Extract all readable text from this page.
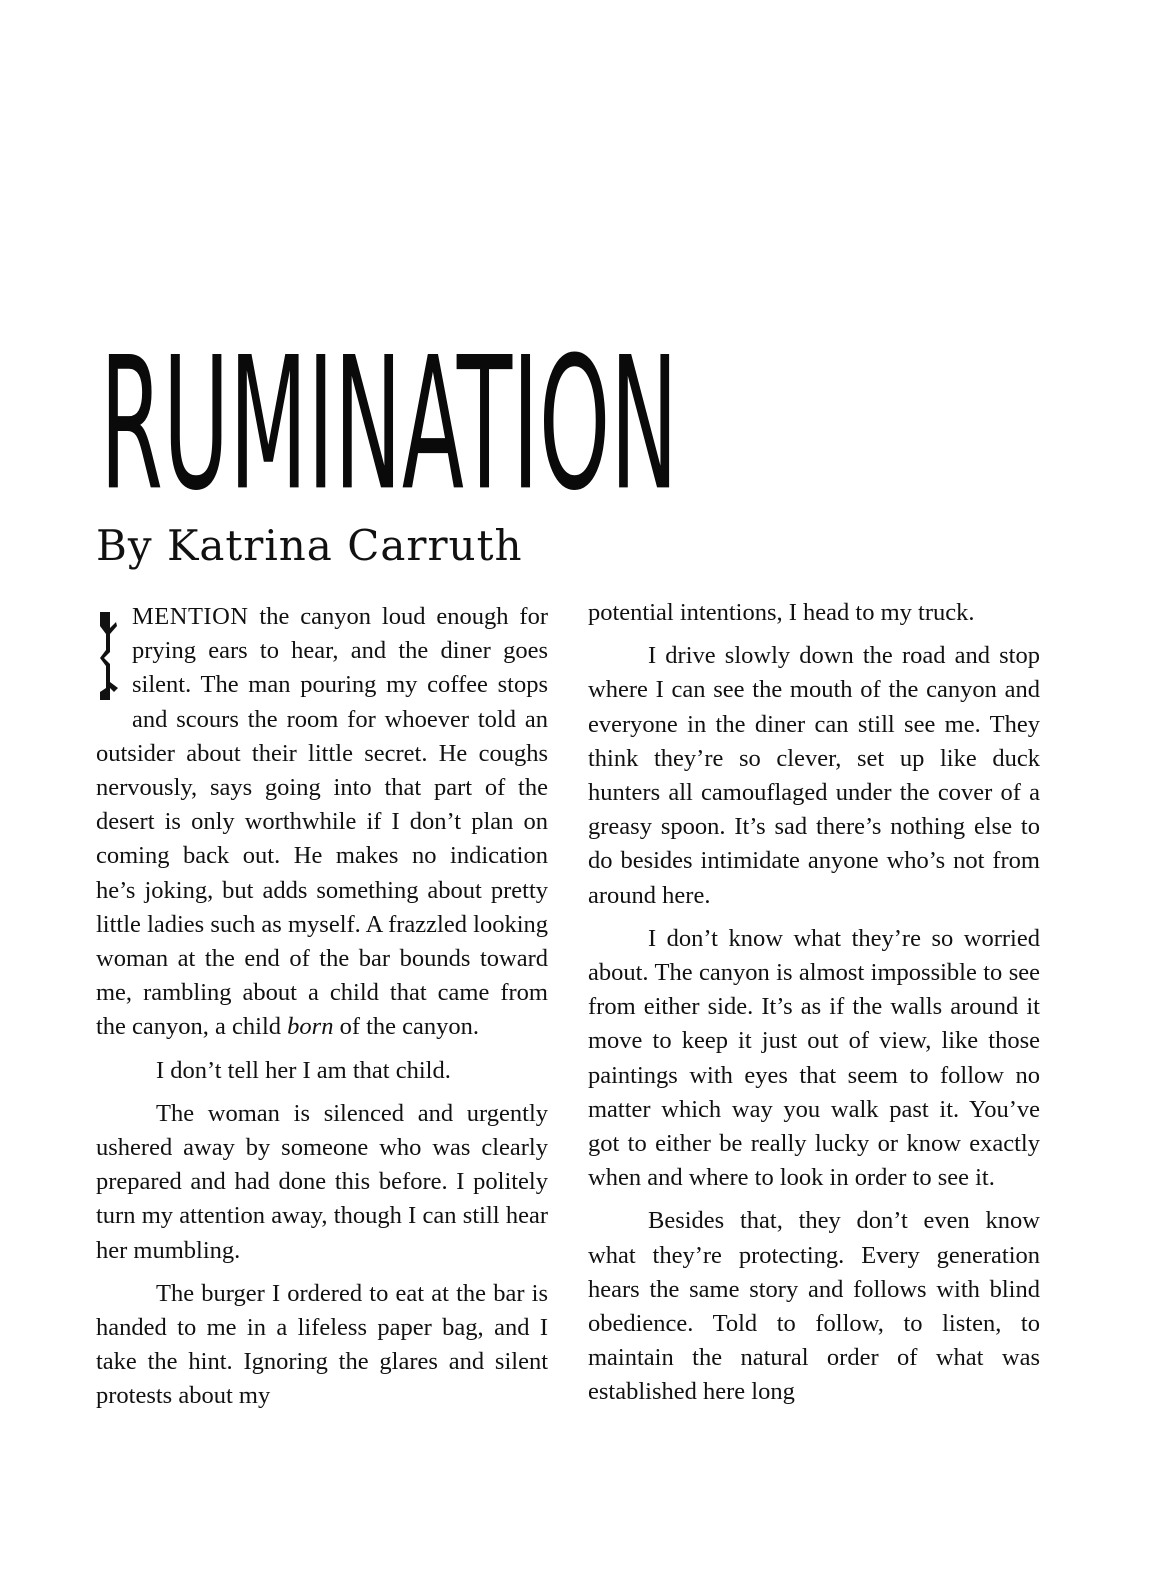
RUMINATION

By Katrina Carruth

MENTION the canyon loud enough for prying ears to hear, and the diner goes silent. The man pouring my coffee stops and scours the room for whoever told an outsider about their little secret. He coughs nervously, says going into that part of the desert is only worthwhile if I don’t plan on coming back out. He makes no indication he’s joking, but adds something about pretty little ladies such as myself. A frazzled looking woman at the end of the bar bounds toward me, rambling about a child that came from the canyon, a child born of the canyon.

I don’t tell her I am that child.

The woman is silenced and urgently ushered away by someone who was clearly prepared and had done this before. I politely turn my attention away, though I can still hear her mumbling.

The burger I ordered to eat at the bar is handed to me in a lifeless paper bag, and I take the hint. Ignoring the glares and silent protests about my

potential intentions, I head to my truck.

I drive slowly down the road and stop where I can see the mouth of the canyon and everyone in the diner can still see me. They think they’re so clever, set up like duck hunters all camouflaged under the cover of a greasy spoon. It’s sad there’s nothing else to do besides intimidate anyone who’s not from around here.

I don’t know what they’re so worried about. The canyon is almost impossible to see from either side. It’s as if the walls around it move to keep it just out of view, like those paintings with eyes that seem to follow no matter which way you walk past it. You’ve got to either be really lucky or know exactly when and where to look in order to see it.

Besides that, they don’t even know what they’re protecting. Every generation hears the same story and follows with blind obedience. Told to follow, to listen, to maintain the natural order of what was established here long
